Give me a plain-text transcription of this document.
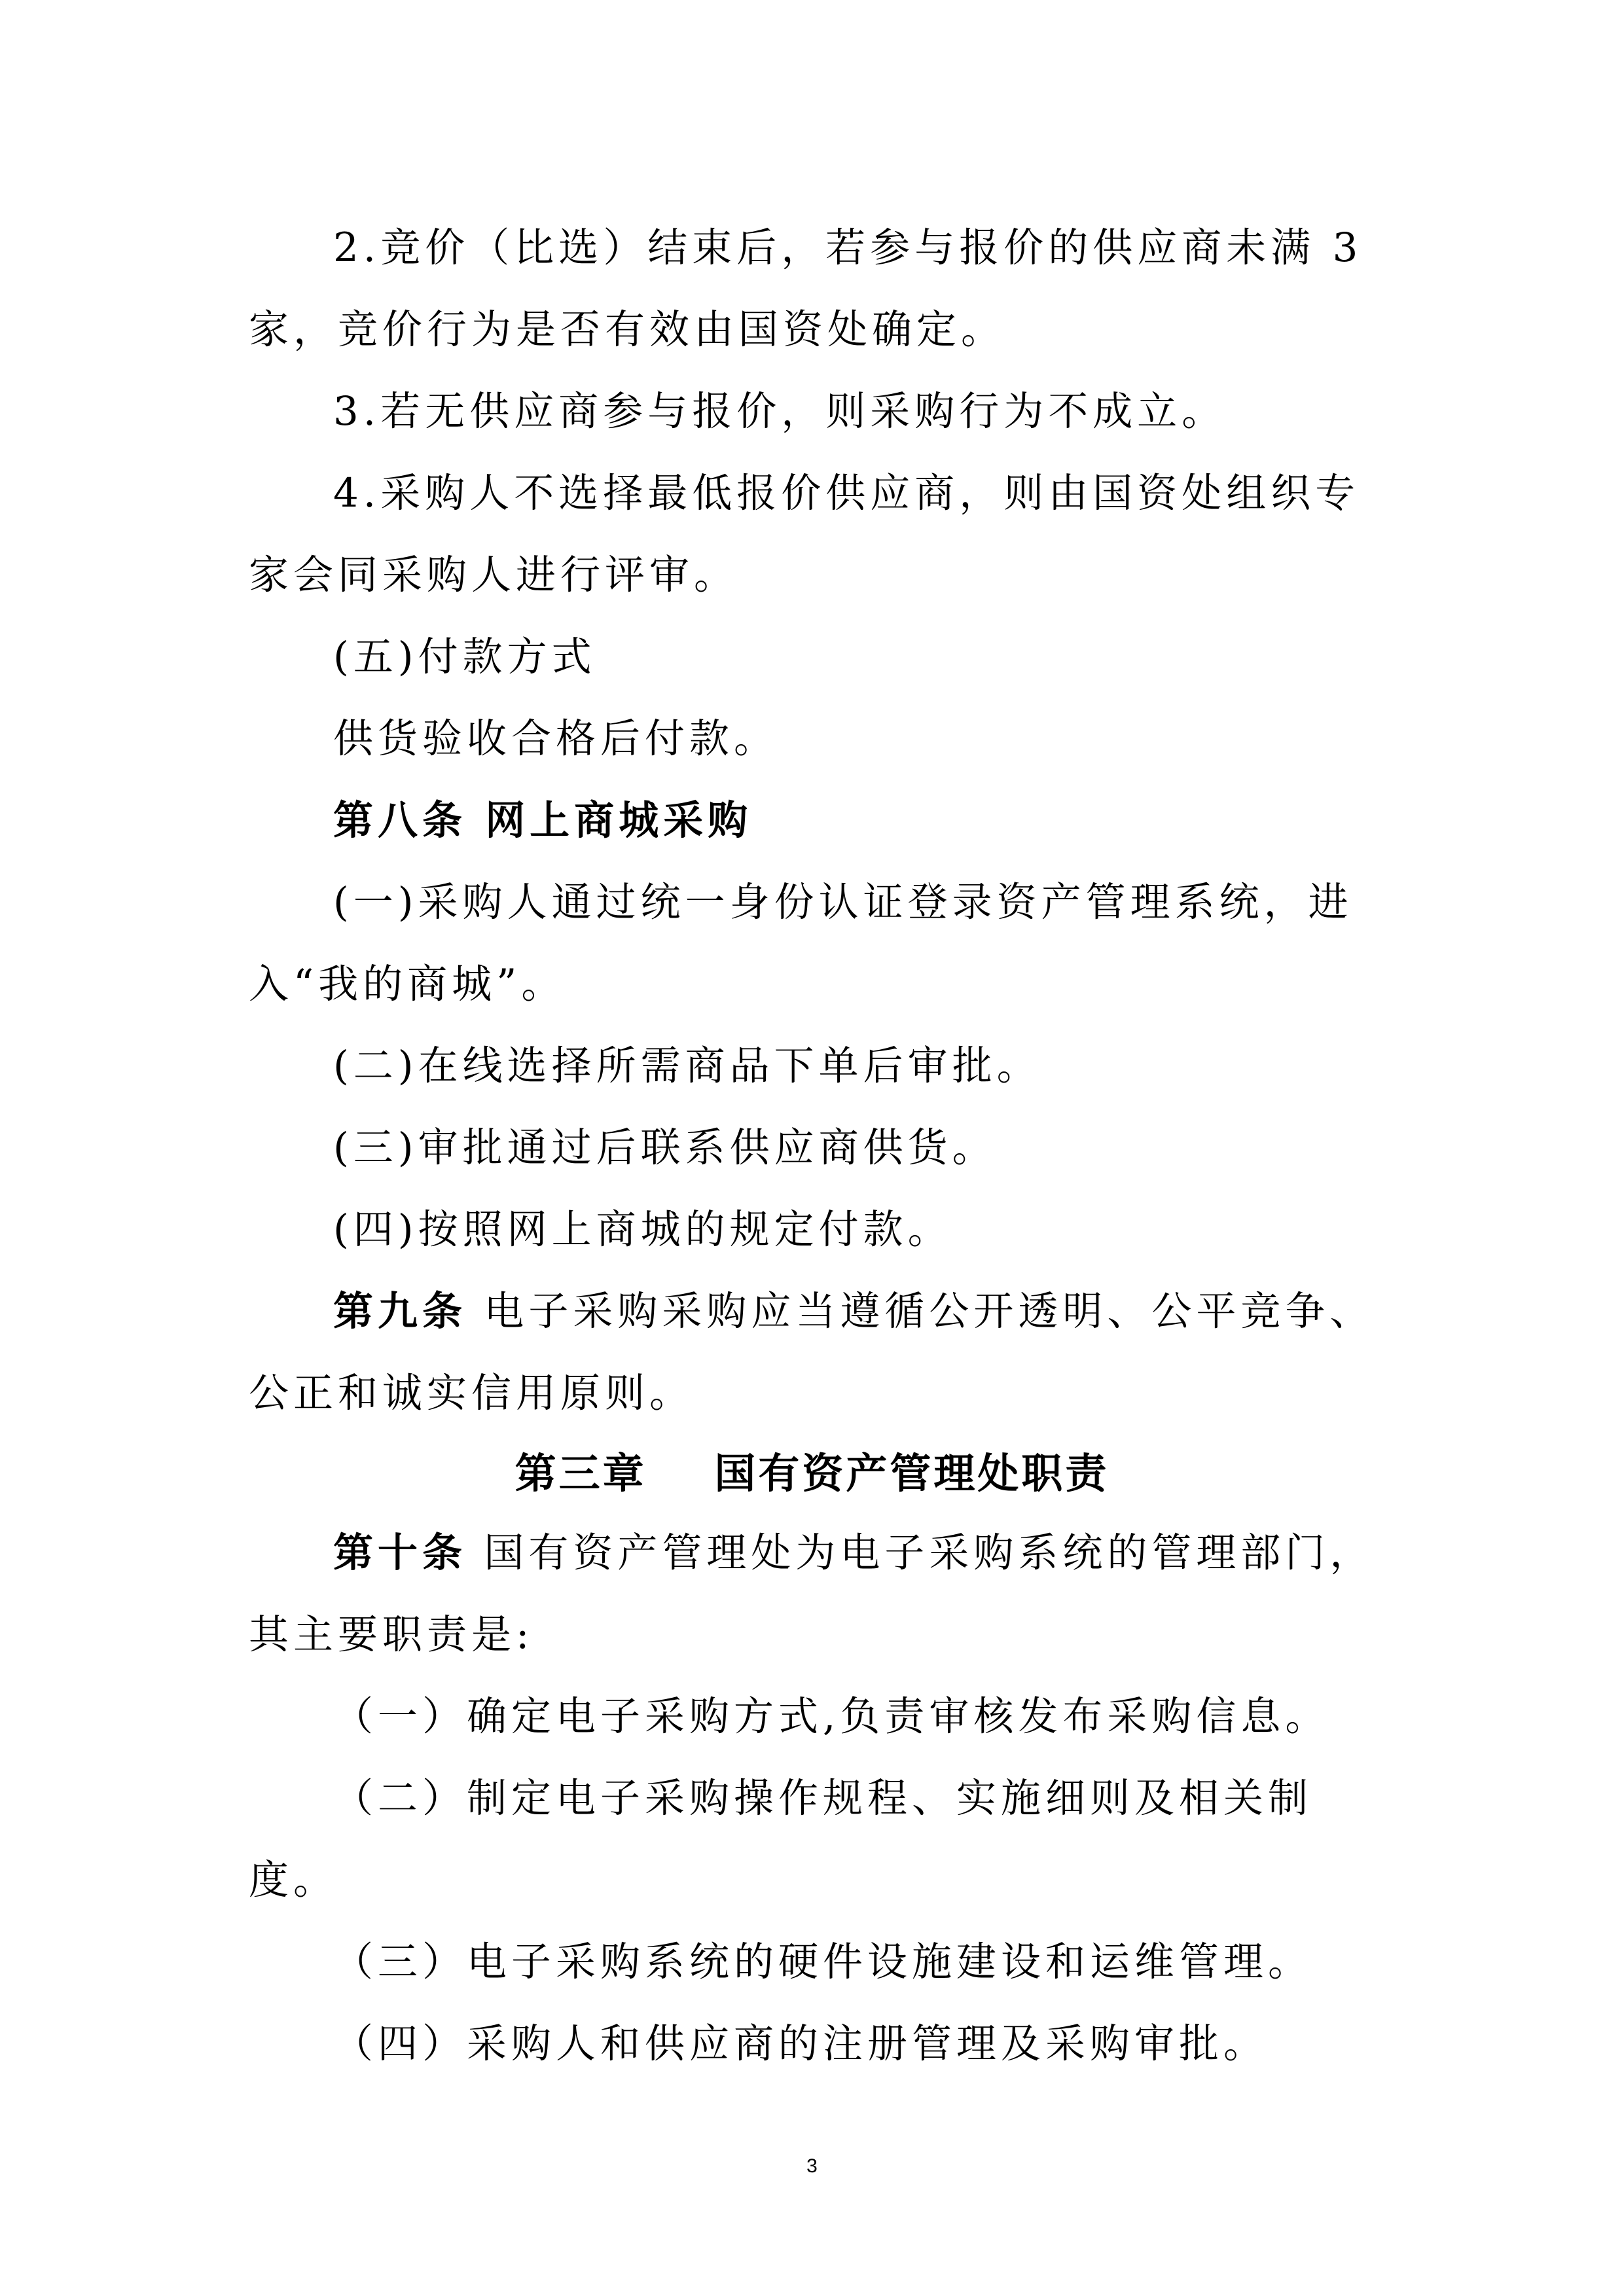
2.竞价（比选）结束后，若参与报价的供应商未满 3
家，竞价行为是否有效由国资处确定。
3.若无供应商参与报价，则采购行为不成立。
4.采购人不选择最低报价供应商，则由国资处组织专
家会同采购人进行评审。
(五)付款方式
供货验收合格后付款。
第八条 网上商城采购
(一)采购人通过统一身份认证登录资产管理系统，进
入“我的商城”。
(二)在线选择所需商品下单后审批。
(三)审批通过后联系供应商供货。
(四)按照网上商城的规定付款。
第九条 电子采购采购应当遵循公开透明、公平竞争、
公正和诚实信用原则。
第三章    国有资产管理处职责
第十条 国有资产管理处为电子采购系统的管理部门，
其主要职责是:
（一）确定电子采购方式,负责审核发布采购信息。
（二）制定电子采购操作规程、实施细则及相关制
度。
（三）电子采购系统的硬件设施建设和运维管理。
（四）采购人和供应商的注册管理及采购审批。
3
